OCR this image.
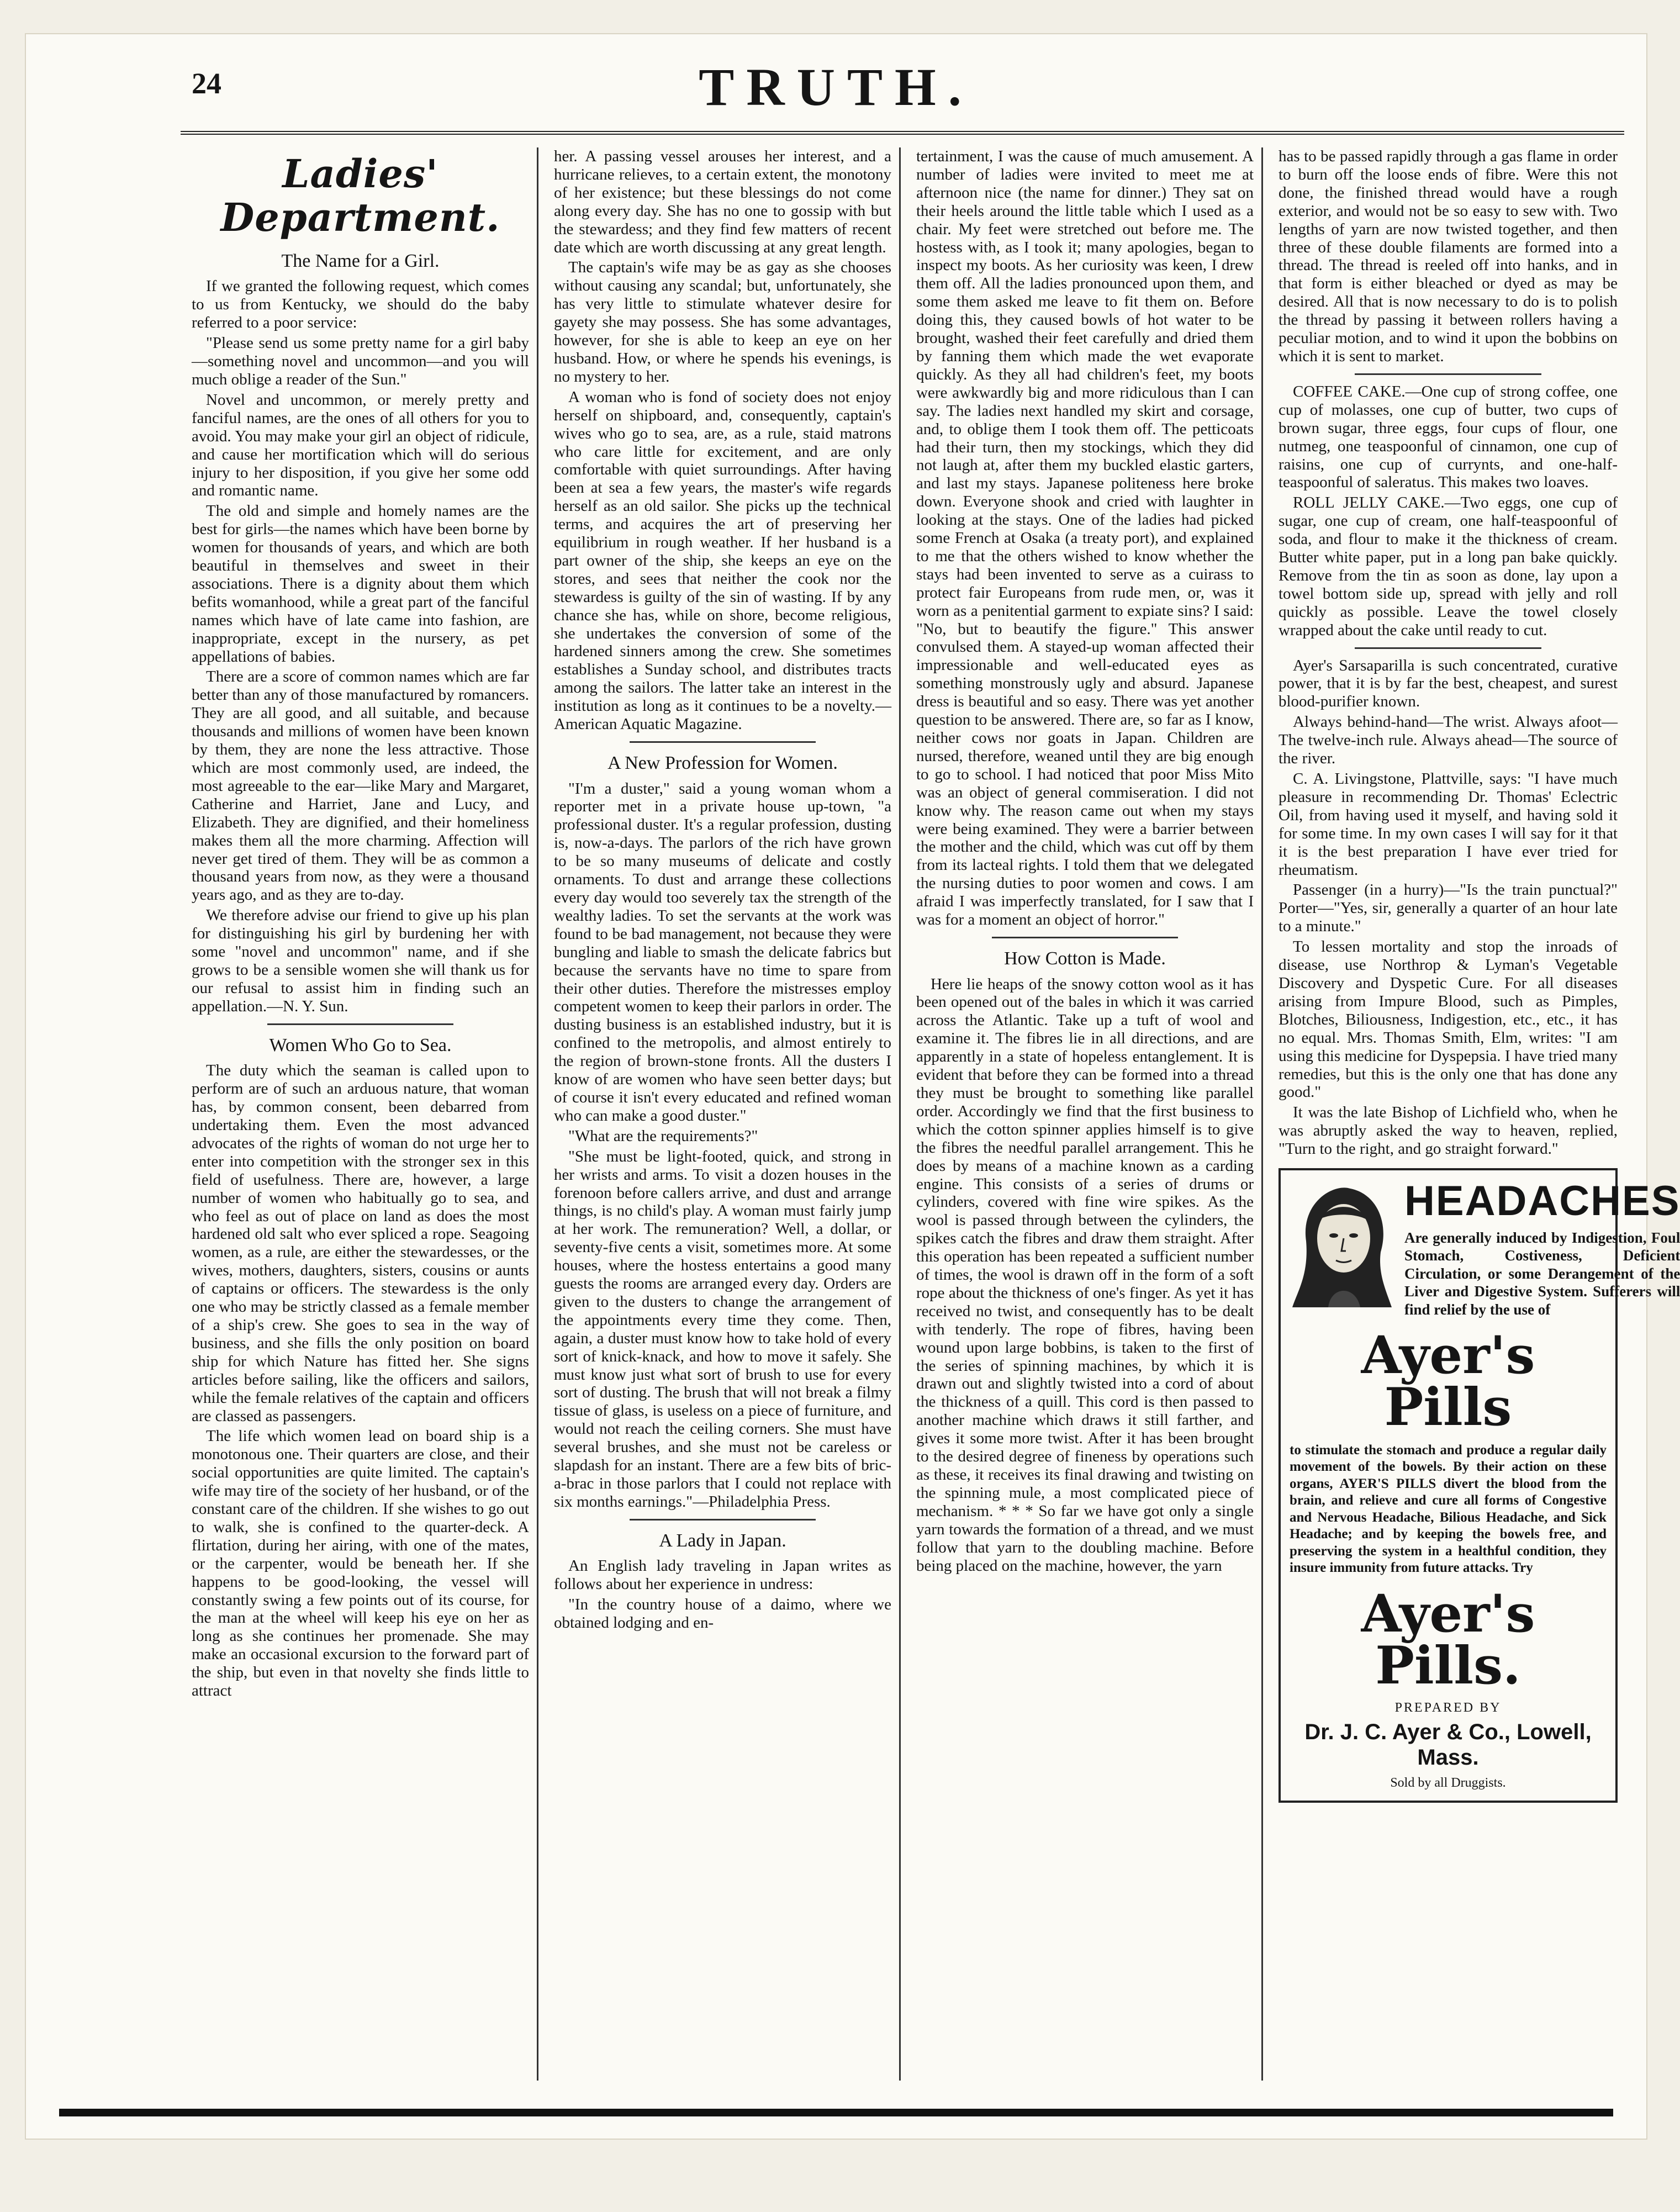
24	TRUTH.
Ladies' Department.
The Name for a Girl.

If we granted the following request, which comes to us from Kentucky, we should do the baby referred to a poor service:

"Please send us some pretty name for a girl baby—something novel and uncommon—and you will much oblige a reader of the Sun."

Novel and uncommon, or merely pretty and fanciful names, are the ones of all others for you to avoid. You may make your girl an object of ridicule, and cause her mortification which will do serious injury to her disposition, if you give her some odd and romantic name.

The old and simple and homely names are the best for girls—the names which have been borne by women for thousands of years, and which are both beautiful in themselves and sweet in their associations. There is a dignity about them which befits womanhood, while a great part of the fanciful names which have of late came into fashion, are inappropriate, except in the nursery, as pet appellations of babies.

There are a score of common names which are far better than any of those manufactured by romancers. They are all good, and all suitable, and because thousands and millions of women have been known by them, they are none the less attractive. Those which are most commonly used, are indeed, the most agreeable to the ear—like Mary and Margaret, Catherine and Harriet, Jane and Lucy, and Elizabeth. They are dignified, and their homeliness makes them all the more charming. Affection will never get tired of them. They will be as common a thousand years from now, as they were a thousand years ago, and as they are to-day.

We therefore advise our friend to give up his plan for distinguishing his girl by burdening her with some "novel and uncommon" name, and if she grows to be a sensible women she will thank us for our refusal to assist him in finding such an appellation.—N. Y. Sun.

Women Who Go to Sea.

The duty which the seaman is called upon to perform are of such an arduous nature, that woman has, by common consent, been debarred from undertaking them. Even the most advanced advocates of the rights of woman do not urge her to enter into competition with the stronger sex in this field of usefulness. There are, however, a large number of women who habitually go to sea, and who feel as out of place on land as does the most hardened old salt who ever spliced a rope. Seagoing women, as a rule, are either the stewardesses, or the wives, mothers, daughters, sisters, cousins or aunts of captains or officers. The stewardess is the only one who may be strictly classed as a female member of a ship's crew. She goes to sea in the way of business, and she fills the only position on board ship for which Nature has fitted her. She signs articles before sailing, like the officers and sailors, while the female relatives of the captain and officers are classed as passengers.

The life which women lead on board ship is a monotonous one. Their quarters are close, and their social opportunities are quite limited. The captain's wife may tire of the society of her husband, or of the constant care of the children. If she wishes to go out to walk, she is confined to the quarter-deck. A flirtation, during her airing, with one of the mates, or the carpenter, would be beneath her. If she happens to be good-looking, the vessel will constantly swing a few points out of its course, for the man at the wheel will keep his eye on her as long as she continues her promenade. She may make an occasional excursion to the forward part of the ship, but even in that novelty she finds little to attract

her. A passing vessel arouses her interest, and a hurricane relieves, to a certain extent, the monotony of her existence; but these blessings do not come along every day. She has no one to gossip with but the stewardess; and they find few matters of recent date which are worth discussing at any great length.

The captain's wife may be as gay as she chooses without causing any scandal; but, unfortunately, she has very little to stimulate whatever desire for gayety she may possess. She has some advantages, however, for she is able to keep an eye on her husband. How, or where he spends his evenings, is no mystery to her.

A woman who is fond of society does not enjoy herself on shipboard, and, consequently, captain's wives who go to sea, are, as a rule, staid matrons who care little for excitement, and are only comfortable with quiet surroundings. After having been at sea a few years, the master's wife regards herself as an old sailor. She picks up the technical terms, and acquires the art of preserving her equilibrium in rough weather. If her husband is a part owner of the ship, she keeps an eye on the stores, and sees that neither the cook nor the stewardess is guilty of the sin of wasting. If by any chance she has, while on shore, become religious, she undertakes the conversion of some of the hardened sinners among the crew. She sometimes establishes a Sunday school, and distributes tracts among the sailors. The latter take an interest in the institution as long as it continues to be a novelty.—American Aquatic Magazine.

A New Profession for Women.

"I'm a duster," said a young woman whom a reporter met in a private house up-town, "a professional duster. It's a regular profession, dusting is, now-a-days. The parlors of the rich have grown to be so many museums of delicate and costly ornaments. To dust and arrange these collections every day would too severely tax the strength of the wealthy ladies. To set the servants at the work was found to be bad management, not because they were bungling and liable to smash the delicate fabrics but because the servants have no time to spare from their other duties. Therefore the mistresses employ competent women to keep their parlors in order. The dusting business is an established industry, but it is confined to the metropolis, and almost entirely to the region of brown-stone fronts. All the dusters I know of are women who have seen better days; but of course it isn't every educated and refined woman who can make a good duster."

"What are the requirements?"

"She must be light-footed, quick, and strong in her wrists and arms. To visit a dozen houses in the forenoon before callers arrive, and dust and arrange things, is no child's play. A woman must fairly jump at her work. The remuneration? Well, a dollar, or seventy-five cents a visit, sometimes more. At some houses, where the hostess entertains a good many guests the rooms are arranged every day. Orders are given to the dusters to change the arrangement of the appointments every time they come. Then, again, a duster must know how to take hold of every sort of knick-knack, and how to move it safely. She must know just what sort of brush to use for every sort of dusting. The brush that will not break a filmy tissue of glass, is useless on a piece of furniture, and would not reach the ceiling corners. She must have several brushes, and she must not be careless or slapdash for an instant. There are a few bits of bric-a-brac in those parlors that I could not replace with six months earnings."—Philadelphia Press.

A Lady in Japan.

An English lady traveling in Japan writes as follows about her experience in undress:

"In the country house of a daimo, where we obtained lodging and en-

tertainment, I was the cause of much amusement. A number of ladies were invited to meet me at afternoon nice (the name for dinner.) They sat on their heels around the little table which I used as a chair. My feet were stretched out before me. The hostess with, as I took it; many apologies, began to inspect my boots. As her curiosity was keen, I drew them off. All the ladies pronounced upon them, and some them asked me leave to fit them on. Before doing this, they caused bowls of hot water to be brought, washed their feet carefully and dried them by fanning them which made the wet evaporate quickly. As they all had children's feet, my boots were awkwardly big and more ridiculous than I can say. The ladies next handled my skirt and corsage, and, to oblige them I took them off. The petticoats had their turn, then my stockings, which they did not laugh at, after them my buckled elastic garters, and last my stays. Japanese politeness here broke down. Everyone shook and cried with laughter in looking at the stays. One of the ladies had picked some French at Osaka (a treaty port), and explained to me that the others wished to know whether the stays had been invented to serve as a cuirass to protect fair Europeans from rude men, or, was it worn as a penitential garment to expiate sins? I said: "No, but to beautify the figure." This answer convulsed them. A stayed-up woman affected their impressionable and well-educated eyes as something monstrously ugly and absurd. Japanese dress is beautiful and so easy. There was yet another question to be answered. There are, so far as I know, neither cows nor goats in Japan. Children are nursed, therefore, weaned until they are big enough to go to school. I had noticed that poor Miss Mito was an object of general commiseration. I did not know why. The reason came out when my stays were being examined. They were a barrier between the mother and the child, which was cut off by them from its lacteal rights. I told them that we delegated the nursing duties to poor women and cows. I am afraid I was imperfectly translated, for I saw that I was for a moment an object of horror."

How Cotton is Made.

Here lie heaps of the snowy cotton wool as it has been opened out of the bales in which it was carried across the Atlantic. Take up a tuft of wool and examine it. The fibres lie in all directions, and are apparently in a state of hopeless entanglement. It is evident that before they can be formed into a thread they must be brought to something like parallel order. Accordingly we find that the first business to which the cotton spinner applies himself is to give the fibres the needful parallel arrangement. This he does by means of a machine known as a carding engine. This consists of a series of drums or cylinders, covered with fine wire spikes. As the wool is passed through between the cylinders, the spikes catch the fibres and draw them straight. After this operation has been repeated a sufficient number of times, the wool is drawn off in the form of a soft rope about the thickness of one's finger. As yet it has received no twist, and consequently has to be dealt with tenderly. The rope of fibres, having been wound upon large bobbins, is taken to the first of the series of spinning machines, by which it is drawn out and slightly twisted into a cord of about the thickness of a quill. This cord is then passed to another machine which draws it still farther, and gives it some more twist. After it has been brought to the desired degree of fineness by operations such as these, it receives its final drawing and twisting on the spinning mule, a most complicated piece of mechanism. * * * So far we have got only a single yarn towards the formation of a thread, and we must follow that yarn to the doubling machine. Before being placed on the machine, however, the yarn

has to be passed rapidly through a gas flame in order to burn off the loose ends of fibre. Were this not done, the finished thread would have a rough exterior, and would not be so easy to sew with. Two lengths of yarn are now twisted together, and then three of these double filaments are formed into a thread. The thread is reeled off into hanks, and in that form is either bleached or dyed as may be desired. All that is now necessary to do is to polish the thread by passing it between rollers having a peculiar motion, and to wind it upon the bobbins on which it is sent to market.

COFFEE CAKE.—One cup of strong coffee, one cup of molasses, one cup of butter, two cups of brown sugar, three eggs, four cups of flour, one nutmeg, one teaspoonful of cinnamon, one cup of raisins, one cup of currynts, and one-half-teaspoonful of saleratus. This makes two loaves.

ROLL JELLY CAKE.—Two eggs, one cup of sugar, one cup of cream, one half-teaspoonful of soda, and flour to make it the thickness of cream. Butter white paper, put in a long pan bake quickly. Remove from the tin as soon as done, lay upon a towel bottom side up, spread with jelly and roll quickly as possible. Leave the towel closely wrapped about the cake until ready to cut.

Ayer's Sarsaparilla is such concentrated, curative power, that it is by far the best, cheapest, and surest blood-purifier known.

Always behind-hand—The wrist. Always afoot—The twelve-inch rule. Always ahead—The source of the river.

C. A. Livingstone, Plattville, says: "I have much pleasure in recommending Dr. Thomas' Eclectric Oil, from having used it myself, and having sold it for some time. In my own cases I will say for it that it is the best preparation I have ever tried for rheumatism.

Passenger (in a hurry)—"Is the train punctual?" Porter—"Yes, sir, generally a quarter of an hour late to a minute."

To lessen mortality and stop the inroads of disease, use Northrop & Lyman's Vegetable Discovery and Dyspetic Cure. For all diseases arising from Impure Blood, such as Pimples, Blotches, Biliousness, Indigestion, etc., etc., it has no equal. Mrs. Thomas Smith, Elm, writes: "I am using this medicine for Dyspepsia. I have tried many remedies, but this is the only one that has done any good."

It was the late Bishop of Lichfield who, when he was abruptly asked the way to heaven, replied, "Turn to the right, and go straight forward."

HEADACHES
Are generally induced by Indigestion, Foul Stomach, Costiveness, Deficient Circulation, or some Derangement of the Liver and Digestive System. Sufferers will find relief by the use of
Ayer's Pills
to stimulate the stomach and produce a regular daily movement of the bowels. By their action on these organs, AYER'S PILLS divert the blood from the brain, and relieve and cure all forms of Congestive and Nervous Headache, Bilious Headache, and Sick Headache; and by keeping the bowels free, and preserving the system in a healthful condition, they insure immunity from future attacks. Try
Ayer's Pills.
PREPARED BY
Dr. J. C. Ayer & Co., Lowell, Mass.
Sold by all Druggists.
